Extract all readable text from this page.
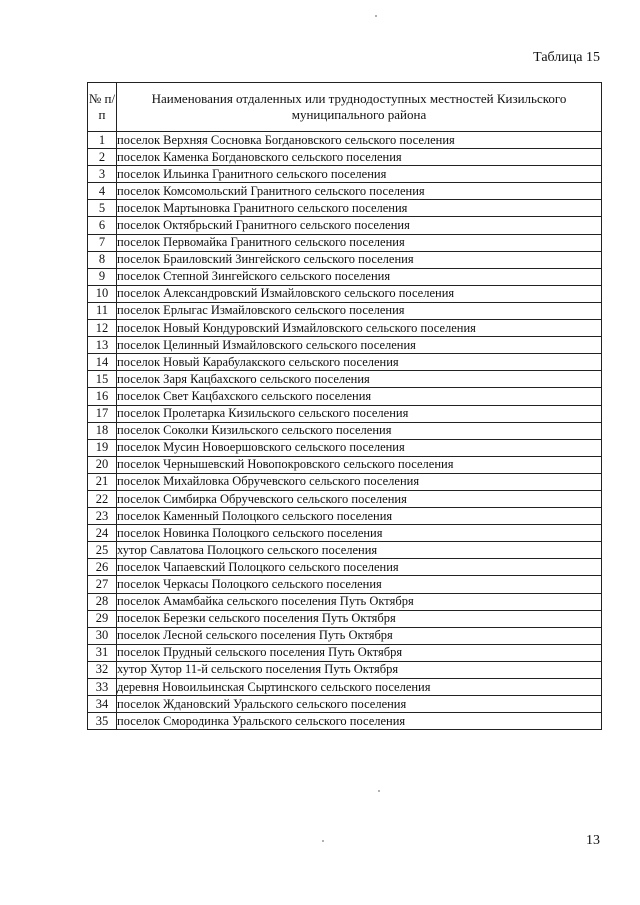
Таблица 15
№ п/п	Наименования отдаленных или труднодоступных местностей Кизильского муниципального района
1	поселок Верхняя Сосновка Богдановского сельского поселения
2	поселок Каменка Богдановского сельского поселения
3	поселок Ильинка Гранитного сельского поселения
4	поселок Комсомольский Гранитного сельского поселения
5	поселок Мартыновка Гранитного сельского поселения
6	поселок Октябрьский Гранитного сельского поселения
7	поселок Первомайка Гранитного сельского поселения
8	поселок Браиловский Зингейского сельского поселения
9	поселок Степной Зингейского сельского поселения
10	поселок Александровский Измайловского сельского поселения
11	поселок Ерлыгас Измайловского сельского поселения
12	поселок Новый Кондуровский Измайловского сельского поселения
13	поселок Целинный Измайловского сельского поселения
14	поселок Новый Карабулакского сельского поселения
15	поселок Заря Кацбахского сельского поселения
16	поселок Свет Кацбахского сельского поселения
17	поселок Пролетарка Кизильского сельского поселения
18	поселок Соколки Кизильского сельского поселения
19	поселок Мусин Новоершовского сельского поселения
20	поселок Чернышевский Новопокровского сельского поселения
21	поселок Михайловка Обручевского сельского поселения
22	поселок Симбирка Обручевского сельского поселения
23	поселок Каменный Полоцкого сельского поселения
24	поселок Новинка Полоцкого сельского поселения
25	хутор Савлатова Полоцкого сельского поселения
26	поселок Чапаевский Полоцкого сельского поселения
27	поселок Черкасы Полоцкого сельского поселения
28	поселок Амамбайка сельского поселения Путь Октября
29	поселок Березки сельского поселения Путь Октября
30	поселок Лесной сельского поселения Путь Октября
31	поселок Прудный сельского поселения Путь Октября
32	хутор Хутор 11-й сельского поселения Путь Октября
33	деревня Новоильинская Сыртинского сельского поселения
34	поселок Ждановский Уральского сельского поселения
35	поселок Смородинка Уральского сельского поселения
13
